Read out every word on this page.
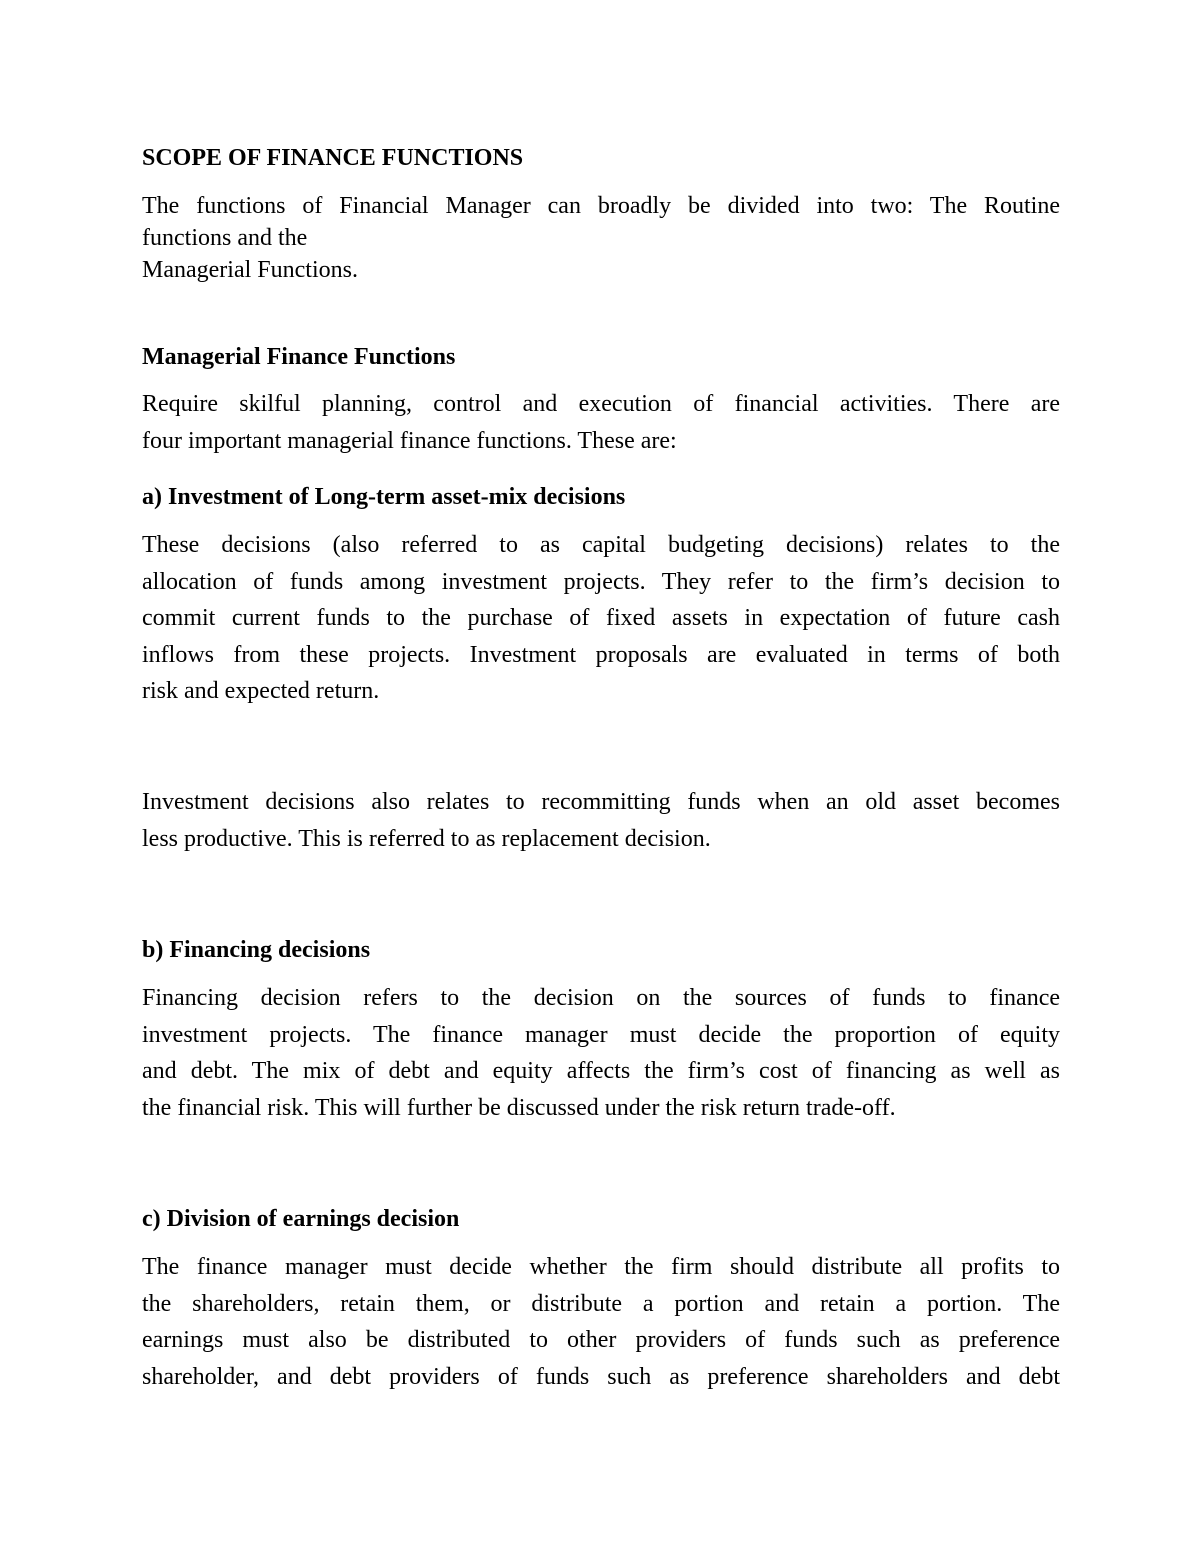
SCOPE OF FINANCE FUNCTIONS
The functions of Financial Manager can broadly be divided into two: The Routine
functions and the
Managerial Functions.
Managerial Finance Functions
Require skilful planning, control and execution of financial activities. There are
four important managerial finance functions. These are:
a) Investment of Long-term asset-mix decisions
These decisions (also referred to as capital budgeting decisions) relates to the
allocation of funds among investment projects. They refer to the firm’s decision to
commit current funds to the purchase of fixed assets in expectation of future cash
inflows from these projects. Investment proposals are evaluated in terms of both
risk and expected return.
Investment decisions also relates to recommitting funds when an old asset becomes
less productive. This is referred to as replacement decision.
b) Financing decisions
Financing decision refers to the decision on the sources of funds to finance
investment projects. The finance manager must decide the proportion of equity
and debt. The mix of debt and equity affects the firm’s cost of financing as well as
the financial risk. This will further be discussed under the risk return trade-off.
c) Division of earnings decision
The finance manager must decide whether the firm should distribute all profits to
the shareholders, retain them, or distribute a portion and retain a portion. The
earnings must also be distributed to other providers of funds such as preference
shareholder, and debt providers of funds such as preference shareholders and debt
